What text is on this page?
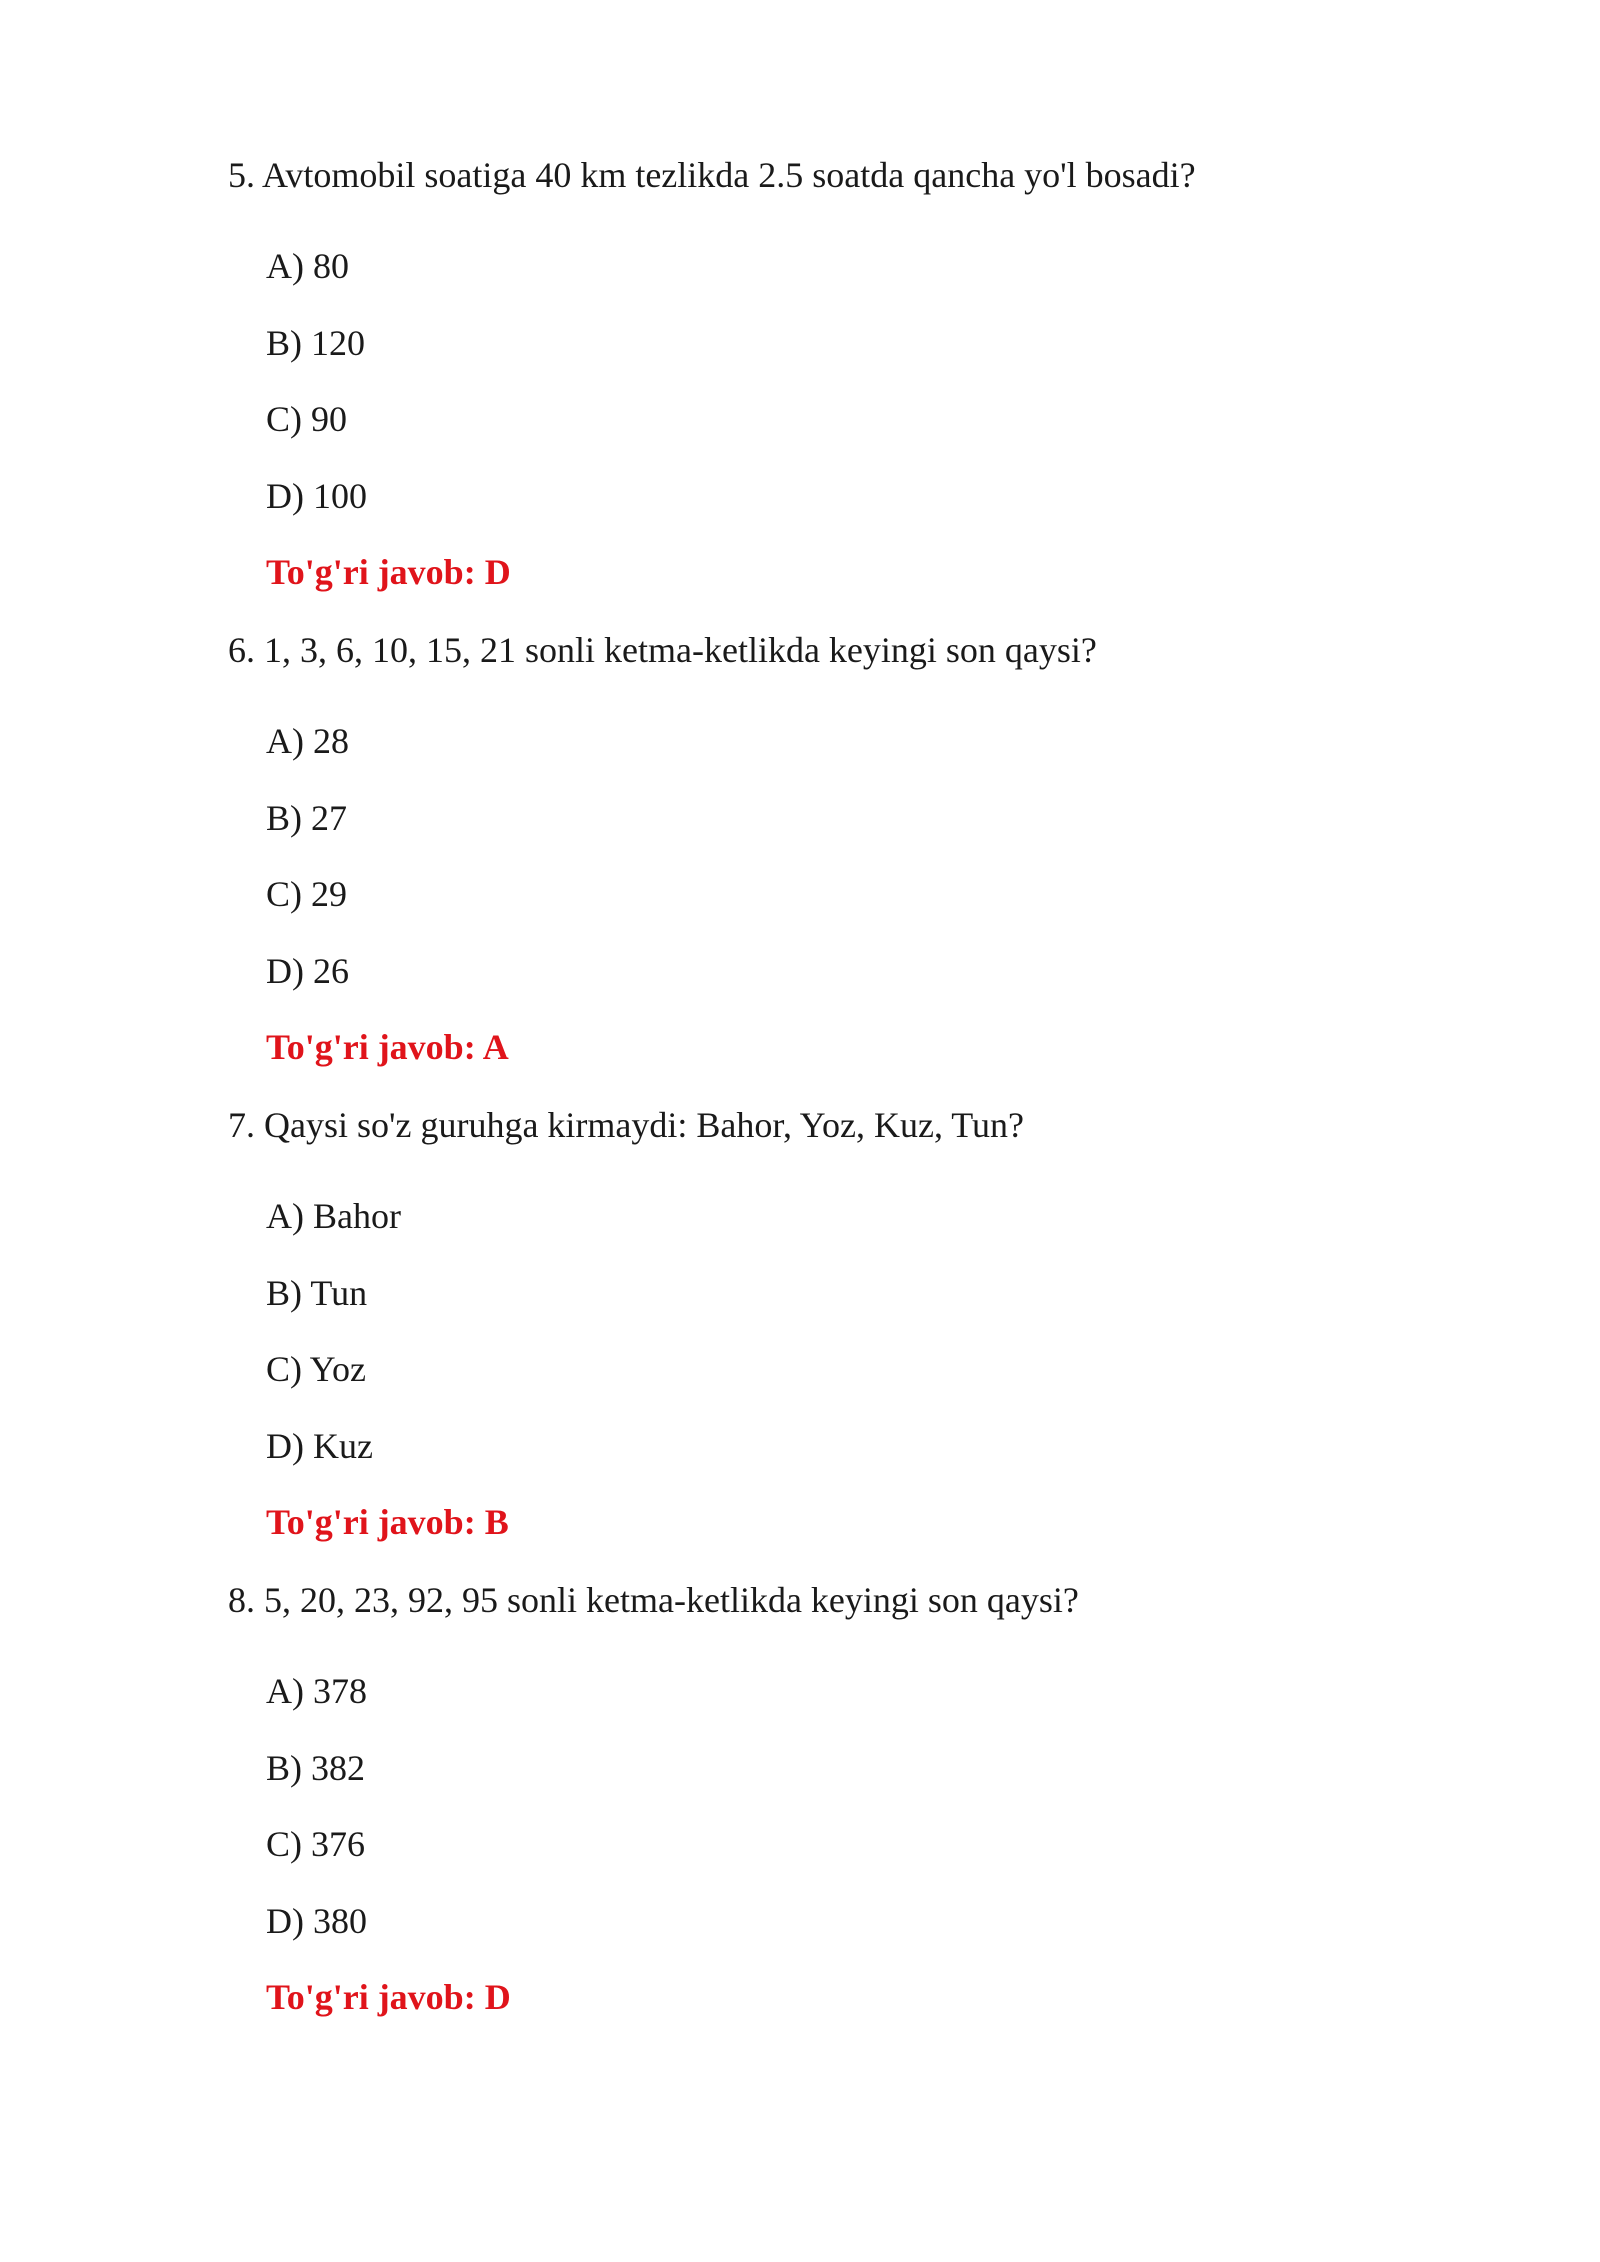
5. Avtomobil soatiga 40 km tezlikda 2.5 soatda qancha yo'l bosadi?

A) 80
B) 120
C) 90
D) 100
To'g'ri javob: D

6. 1, 3, 6, 10, 15, 21 sonli ketma-ketlikda keyingi son qaysi?

A) 28
B) 27
C) 29
D) 26
To'g'ri javob: A

7. Qaysi so'z guruhga kirmaydi: Bahor, Yoz, Kuz, Tun?

A) Bahor
B) Tun
C) Yoz
D) Kuz
To'g'ri javob: B

8. 5, 20, 23, 92, 95 sonli ketma-ketlikda keyingi son qaysi?

A) 378
B) 382
C) 376
D) 380
To'g'ri javob: D
